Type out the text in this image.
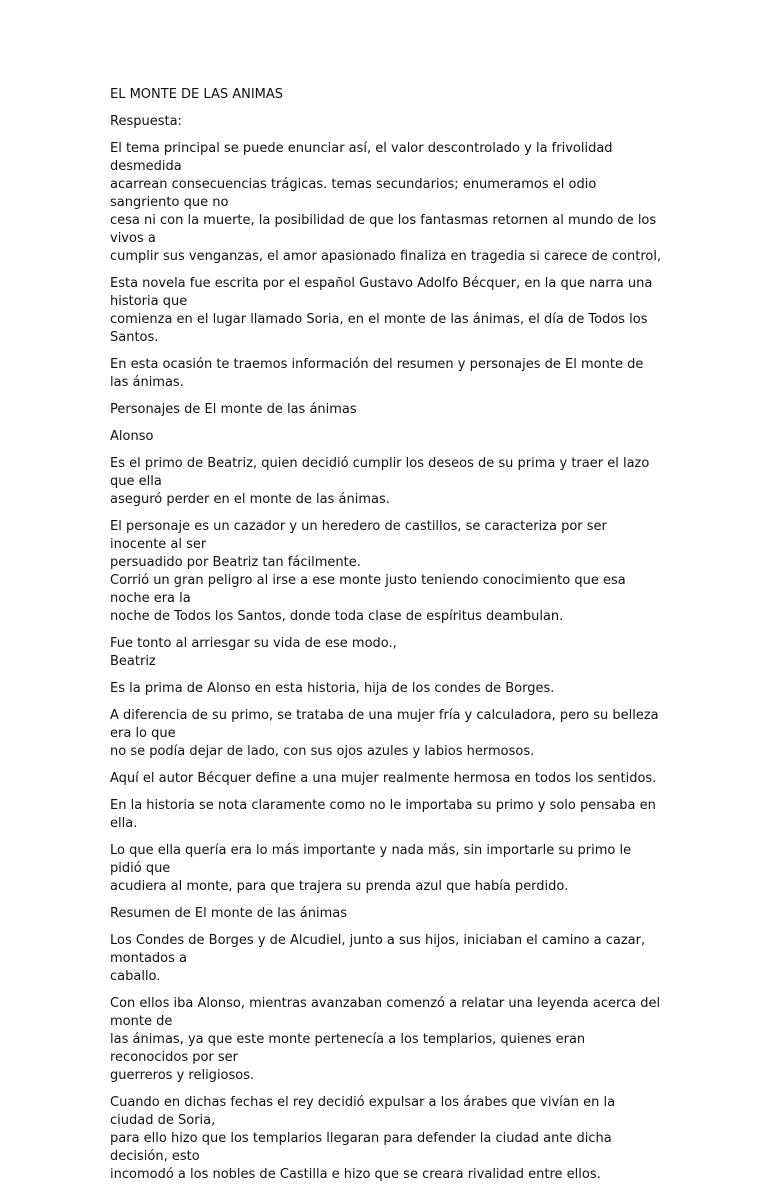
EL MONTE DE LAS ANIMAS

Respuesta:

El tema principal se puede enunciar así, el valor descontrolado y la frivolidad desmedida
acarrean consecuencias trágicas. temas secundarios; enumeramos el odio sangriento que no
cesa ni con la muerte, la posibilidad de que los fantasmas retornen al mundo de los vivos a
cumplir sus venganzas, el amor apasionado finaliza en tragedia si carece de control,

Esta novela fue escrita por el español Gustavo Adolfo Bécquer, en la que narra una historia que
comienza en el lugar llamado Soria, en el monte de las ánimas, el día de Todos los Santos.

En esta ocasión te traemos información del resumen y personajes de El monte de las ánimas.

Personajes de El monte de las ánimas

Alonso

Es el primo de Beatriz, quien decidió cumplir los deseos de su prima y traer el lazo que ella
aseguró perder en el monte de las ánimas.

El personaje es un cazador y un heredero de castillos, se caracteriza por ser inocente al ser
persuadido por Beatriz tan fácilmente.
Corrió un gran peligro al irse a ese monte justo teniendo conocimiento que esa noche era la
noche de Todos los Santos, donde toda clase de espíritus deambulan.

Fue tonto al arriesgar su vida de ese modo.,
Beatriz

Es la prima de Alonso en esta historia, hija de los condes de Borges.

A diferencia de su primo, se trataba de una mujer fría y calculadora, pero su belleza era lo que
no se podía dejar de lado, con sus ojos azules y labios hermosos.

Aquí el autor Bécquer define a una mujer realmente hermosa en todos los sentidos.

En la historia se nota claramente como no le importaba su primo y solo pensaba en ella.

Lo que ella quería era lo más importante y nada más, sin importarle su primo le pidió que
acudiera al monte, para que trajera su prenda azul que había perdido.

Resumen de El monte de las ánimas

Los Condes de Borges y de Alcudiel, junto a sus hijos, iniciaban el camino a cazar, montados a
caballo.

Con ellos iba Alonso, mientras avanzaban comenzó a relatar una leyenda acerca del monte de
las ánimas, ya que este monte pertenecía a los templarios, quienes eran reconocidos por ser
guerreros y religiosos.

Cuando en dichas fechas el rey decidió expulsar a los árabes que vivían en la ciudad de Soria,
para ello hizo que los templarios llegaran para defender la ciudad ante dicha decisión, esto
incomodó a los nobles de Castilla e hizo que se creara rivalidad entre ellos.
